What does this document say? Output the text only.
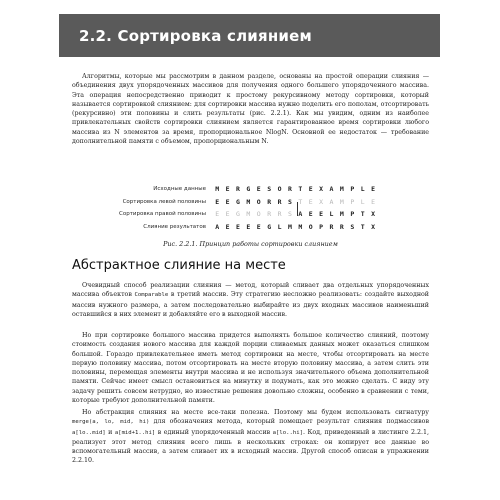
2.2. Сортировка слиянием

Алгоритмы, которые мы рассмотрим в данном разделе, основаны на простой операции слияния — объединения двух упорядоченных массивов для получения одного большего упорядоченного массива. Эта операция непосредственно приводит к простому рекурсивному методу сортировки, который называется сортировкой слиянием: для сортировки массива нужно поделить его пополам, отсортировать (рекурсивно) эти половины и слить результаты (рис. 2.2.1). Как мы увидим, одним из наиболее привлекательных свойств сортировки слиянием является гарантированное время сортировки любого массива из N элементов за время, пропорциональное NlogN. Основной ее недостаток — требование дополнительной памяти с объемом, пропорциональным N.

Исходные данные	M E R G E S O R T E X A M P L E
Сортировка левой половины	E E G M O R R S T E X A M P L E
Сортировка правой половины	E E G M O R R S A E E L M P T X
Слияние результатов	A E E E E G L M M O P R R S T X
Рис. 2.2.1. Принцип работы сортировки слиянием
Абстрактное слияние на месте

Очевидный способ реализации слияния — метод, который сливает два отдельных упорядоченных массива объектов Comparable в третий массив. Эту стратегию несложно реализовать: создайте выходной массив нужного размера, а затем последовательно выбирайте из двух входных массивов наименьший оставшийся в них элемент и добавляйте его в выходной массив.

Но при сортировке большого массива придется выполнять большое количество слияний, поэтому стоимость создания нового массива для каждой порции сливаемых данных может оказаться слишком большой. Гораздо привлекательнее иметь метод сортировки на месте, чтобы отсортировать на месте первую половину массива, потом отсортировать на месте вторую половину массива, а затем слить эти половины, перемещая элементы внутри массива и не используя значительного объема дополнительной памяти. Сейчас имеет смысл остановиться на минутку и подумать, как это можно сделать. С виду эту задачу решить совсем нетрудно, но известные решения довольно сложны, особенно в сравнении с теми, которые требуют дополнительной памяти.

Но абстракция слияния на месте все-таки полезна. Поэтому мы будем использовать сигнатуру merge(a, lo, mid, hi) для обозначения метода, который помещает результат слияния подмассивов a[lo..mid] и a[mid+1..hi] в единый упорядоченный массив a[lo..hi]. Код, приведенный в листинге 2.2.1, реализует этот метод слияния всего лишь в нескольких строках: он копирует все данные во вспомогательный массив, а затем сливает их в исходный массив. Другой способ описан в упражнении 2.2.10.
